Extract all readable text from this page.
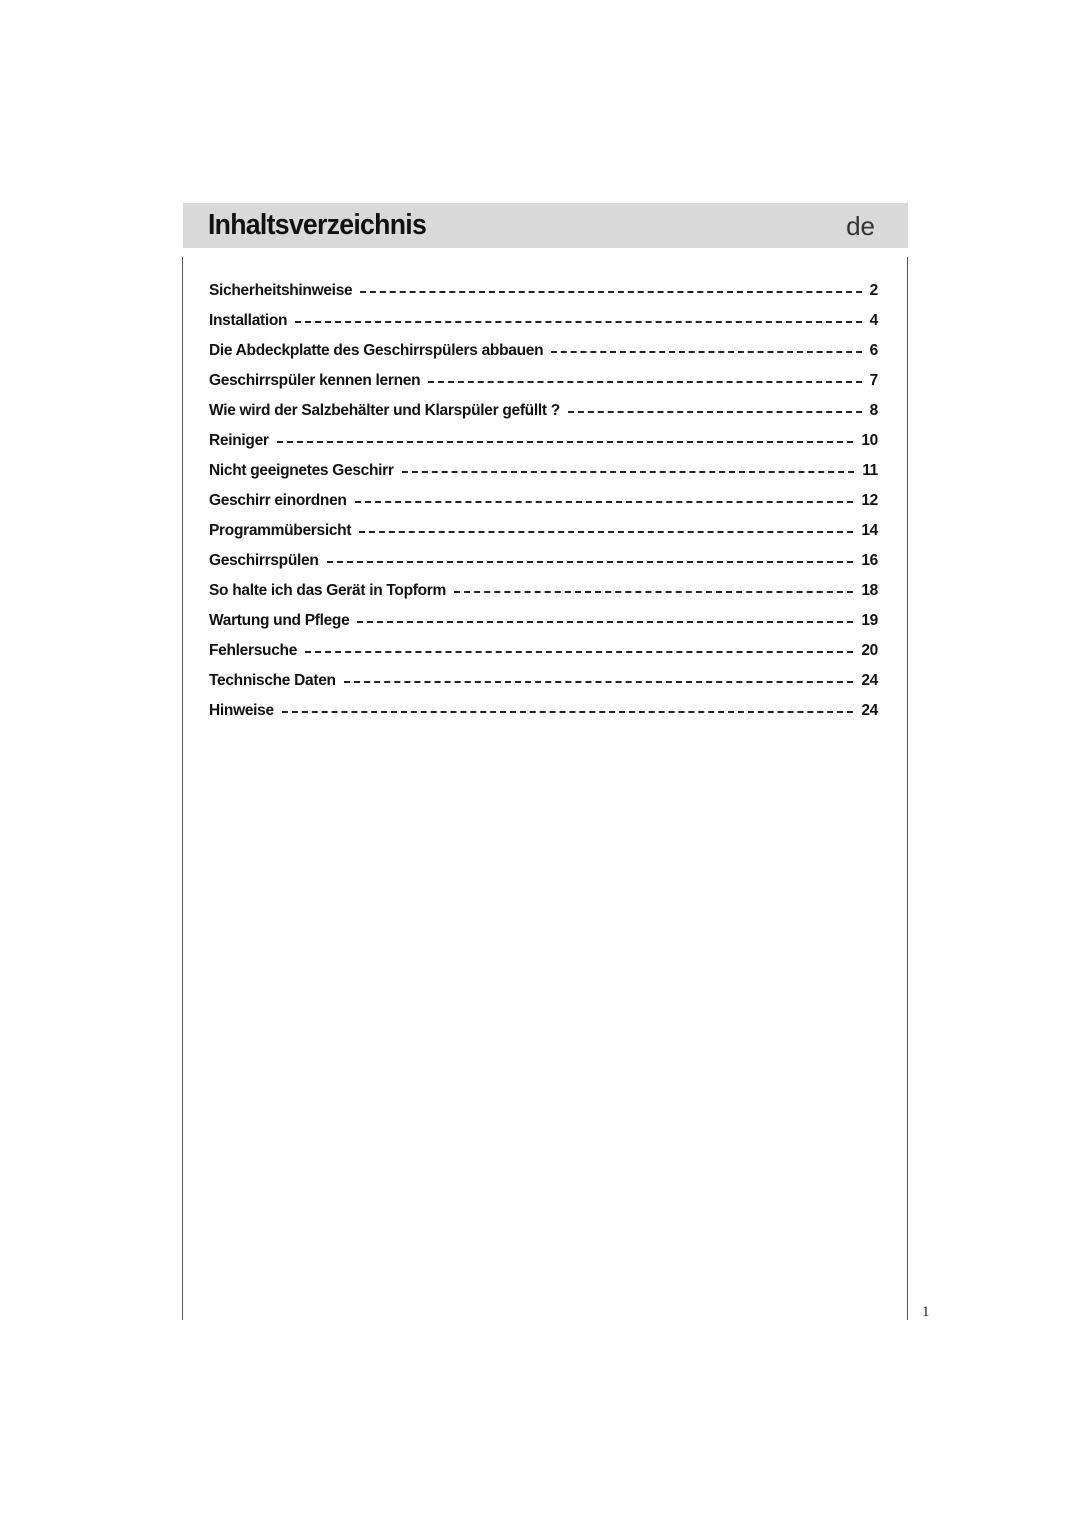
Inhaltsverzeichnis	de
Sicherheitshinweise	2
Installation	4
Die Abdeckplatte des Geschirrspülers abbauen	6
Geschirrspüler kennen lernen	7
Wie wird der Salzbehälter und Klarspüler gefüllt ?	8
Reiniger	10
Nicht geeignetes Geschirr	11
Geschirr einordnen	12
Programmübersicht	14
Geschirrspülen	16
So halte ich das Gerät in Topform	18
Wartung und Pflege	19
Fehlersuche	20
Technische Daten	24
Hinweise	24
1
